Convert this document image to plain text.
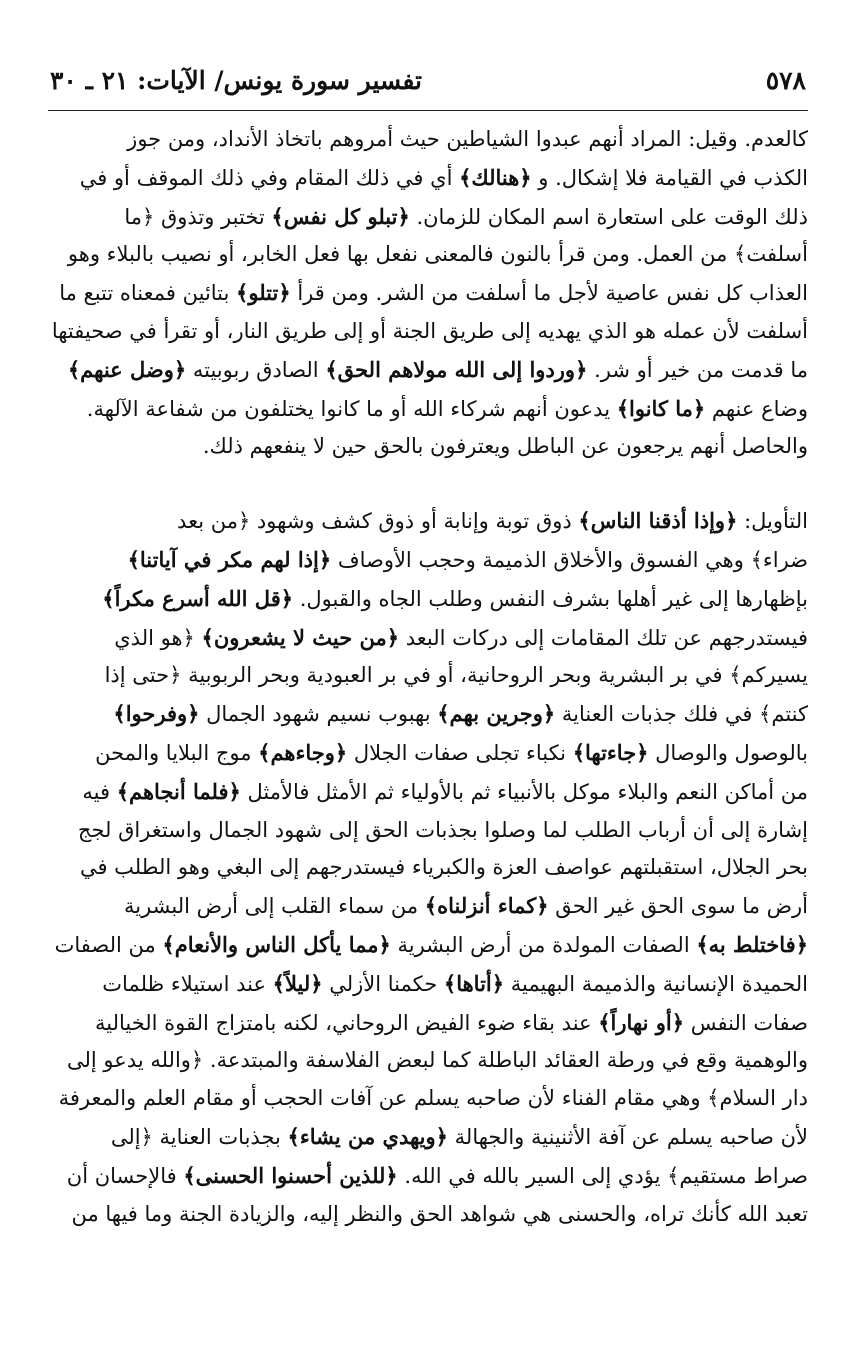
٥٧٨
تفسير سورة يونس/ الآيات: ٢١ ـ ٣٠

كالعدم. وقيل: المراد أنهم عبدوا الشياطين حيث أمروهم باتخاذ الأنداد، ومن جوز
الكذب في القيامة فلا إشكال. و ﴿هنالك﴾ أي في ذلك المقام وفي ذلك الموقف أو في
ذلك الوقت على استعارة اسم المكان للزمان. ﴿تبلو كل نفس﴾ تختبر وتذوق ﴿ما
أسلفت﴾ من العمل. ومن قرأ بالنون فالمعنى نفعل بها فعل الخابر، أو نصيب بالبلاء وهو
العذاب كل نفس عاصية لأجل ما أسلفت من الشر. ومن قرأ ﴿تتلو﴾ بتائين فمعناه تتبع ما
أسلفت لأن عمله هو الذي يهديه إلى طريق الجنة أو إلى طريق النار، أو تقرأ في صحيفتها
ما قدمت من خير أو شر. ﴿وردوا إلى الله مولاهم الحق﴾ الصادق ربوبيته ﴿وضل عنهم﴾
وضاع عنهم ﴿ما كانوا﴾ يدعون أنهم شركاء الله أو ما كانوا يختلفون من شفاعة الآلهة.
والحاصل أنهم يرجعون عن الباطل ويعترفون بالحق حين لا ينفعهم ذلك.

التأويل: ﴿وإذا أذقنا الناس﴾ ذوق توبة وإنابة أو ذوق كشف وشهود ﴿من بعد
ضراء﴾ وهي الفسوق والأخلاق الذميمة وحجب الأوصاف ﴿إذا لهم مكر في آياتنا﴾
بإظهارها إلى غير أهلها بشرف النفس وطلب الجاه والقبول. ﴿قل الله أسرع مكراً﴾
فيستدرجهم عن تلك المقامات إلى دركات البعد ﴿من حيث لا يشعرون﴾ ﴿هو الذي
يسيركم﴾ في بر البشرية وبحر الروحانية، أو في بر العبودية وبحر الربوبية ﴿حتى إذا
كنتم﴾ في فلك جذبات العناية ﴿وجرين بهم﴾ بهبوب نسيم شهود الجمال ﴿وفرحوا﴾
بالوصول والوصال ﴿جاءتها﴾ نكباء تجلى صفات الجلال ﴿وجاءهم﴾ موج البلايا والمحن
من أماكن النعم والبلاء موكل بالأنبياء ثم بالأولياء ثم الأمثل فالأمثل ﴿فلما أنجاهم﴾ فيه
إشارة إلى أن أرباب الطلب لما وصلوا بجذبات الحق إلى شهود الجمال واستغراق لجج
بحر الجلال، استقبلتهم عواصف العزة والكبرياء فيستدرجهم إلى البغي وهو الطلب في
أرض ما سوى الحق غير الحق ﴿كماء أنزلناه﴾ من سماء القلب إلى أرض البشرية
﴿فاختلط به﴾ الصفات المولدة من أرض البشرية ﴿مما يأكل الناس والأنعام﴾ من الصفات
الحميدة الإنسانية والذميمة البهيمية ﴿أتاها﴾ حكمنا الأزلي ﴿ليلاً﴾ عند استيلاء ظلمات
صفات النفس ﴿أو نهاراً﴾ عند بقاء ضوء الفيض الروحاني، لكنه بامتزاج القوة الخيالية
والوهمية وقع في ورطة العقائد الباطلة كما لبعض الفلاسفة والمبتدعة. ﴿والله يدعو إلى
دار السلام﴾ وهي مقام الفناء لأن صاحبه يسلم عن آفات الحجب أو مقام العلم والمعرفة
لأن صاحبه يسلم عن آفة الأثنينية والجهالة ﴿ويهدي من يشاء﴾ بجذبات العناية ﴿إلى
صراط مستقيم﴾ يؤدي إلى السير بالله في الله. ﴿للذين أحسنوا الحسنى﴾ فالإحسان أن
تعبد الله كأنك تراه، والحسنى هي شواهد الحق والنظر إليه، والزيادة الجنة وما فيها من
